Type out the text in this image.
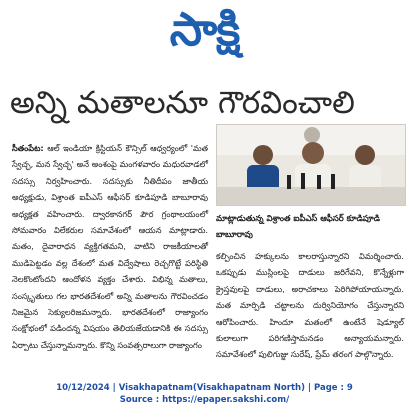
సాక్షి
అన్ని మతాలనూ గౌరవించాలి
సీతంపేట: ఆల్ ఇండియా క్రిస్టియన్ కౌన్సిల్ ఆధ్వర్యంలో 'మత స్వేచ్ఛ, మన స్వేచ్ఛ' అనే అంశంపై మంగళవారం మధురవాడలో సదస్సు నిర్వహించారు. సదస్సుకు నీతిదీపం జాతీయ అధ్యక్షుడు, విశ్రాంత ఐపీఎస్ ఆఫీసర్ కూడిపూడి బాబూరావు అధ్యక్షత వహించారు. ద్వారకానగర్ పౌర గ్రంథాలయంలో సోమవారం విలేకరుల సమావేశంలో ఆయన మాట్లాడారు. మతం, దైవారాధన వ్యక్తిగతమని, వాటిని రాజకీయాలతో ముడిపెట్టడం వల్ల దేశంలో మత విద్వేషాలు రెచ్చగొట్టే పరిస్థితి నెలకొంటోందని ఆందోళన వ్యక్తం చేశారు. విభిన్న మతాలు, సంస్కృతులు గల భారతదేశంలో అన్ని మతాలను గౌరవించడం నిజమైన సెక్యులరిజమన్నారు. భారతదేశంలో రాజ్యాంగం సంక్షోభంలో పడిందన్న విషయం తెలియజేయడానికి ఈ సదస్సు ఏర్పాటు చేస్తున్నామన్నారు. కొన్ని సంవత్సరాలుగా రాజ్యాంగం
మాట్లాడుతున్న విశ్రాంత ఐపీఎస్ ఆఫీసర్ కూడిపూడి బాబూరావు
కల్పించిన హక్కులను కాలరాస్తున్నారని విమర్శించారు. ఒకప్పుడు ముస్లింలపై దాడులు జరిగేవని, కొన్నేళ్లుగా క్రైస్తవులపై దాడులు, అరాచకాలు పెరిగిపోయాయన్నారు. మత మార్పిడి చట్టాలను దుర్వినియోగం చేస్తున్నారని ఆరోపించారు. హిందూ మతంలో ఉంటేనే షెడ్యూల్ కులాలుగా పరిగణిస్తామనడం అన్యాయమన్నారు. సమావేశంలో పులిగుజ్జు సురేష్, ప్రేమ్ తరంగ పాల్గొన్నారు.
10/12/2024 | Visakhapatnam(Visakhapatnam North) | Page : 9
Source : https://epaper.sakshi.com/
